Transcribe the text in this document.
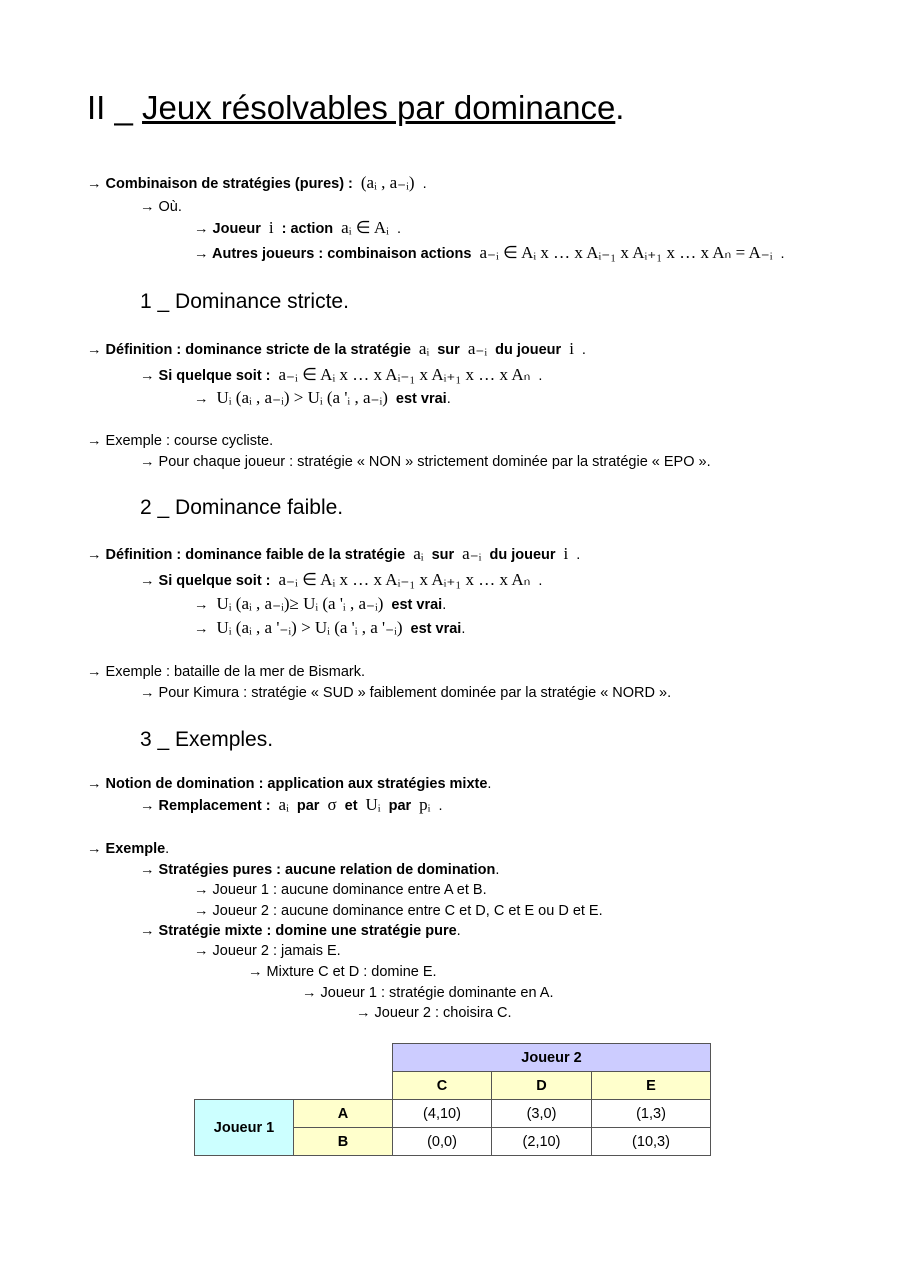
II _ Jeux résolvables par dominance.
→ Combinaison de stratégies (pures) : (aᵢ , a₋ᵢ) .
→ Où.
→ Joueur i : action aᵢ ∈ Aᵢ .
→ Autres joueurs : combinaison actions a₋ᵢ ∈ Aᵢ x … x Aᵢ₋₁ x Aᵢ₊₁ x … x Aₙ = A₋ᵢ .
1 _ Dominance stricte.
→ Définition : dominance stricte de la stratégie aᵢ sur a₋ᵢ du joueur i .
→ Si quelque soit : a₋ᵢ ∈ Aᵢ x … x Aᵢ₋₁ x Aᵢ₊₁ x … x Aₙ .
→ Uᵢ (aᵢ , a₋ᵢ) > Uᵢ (a 'ᵢ , a₋ᵢ) est vrai.
→ Exemple : course cycliste.
→ Pour chaque joueur : stratégie « NON » strictement dominée par la stratégie « EPO ».
2 _ Dominance faible.
→ Définition : dominance faible de la stratégie aᵢ sur a₋ᵢ du joueur i .
→ Si quelque soit : a₋ᵢ ∈ Aᵢ x … x Aᵢ₋₁ x Aᵢ₊₁ x … x Aₙ .
→ Uᵢ (aᵢ , a₋ᵢ)≥ Uᵢ (a 'ᵢ , a₋ᵢ) est vrai.
→ Uᵢ (aᵢ , a '₋ᵢ) > Uᵢ (a 'ᵢ , a '₋ᵢ) est vrai.
→ Exemple : bataille de la mer de Bismark.
→ Pour Kimura : stratégie « SUD » faiblement dominée par la stratégie « NORD ».
3 _ Exemples.
→ Notion de domination : application aux stratégies mixte.
→ Remplacement : aᵢ par σ et Uᵢ par pᵢ .
→ Exemple.
→ Stratégies pures : aucune relation de domination.
→ Joueur 1 : aucune dominance entre A et B.
→ Joueur 2 : aucune dominance entre C et D, C et E ou D et E.
→ Stratégie mixte : domine une stratégie pure.
→ Joueur 2 : jamais E.
→ Mixture C et D : domine E.
→ Joueur 1 : stratégie dominante en A.
→ Joueur 2 : choisira C.
		Joueur 2		
		C	D	E
Joueur 1	A	(4,10)	(3,0)	(1,3)
	B	(0,0)	(2,10)	(10,3)
